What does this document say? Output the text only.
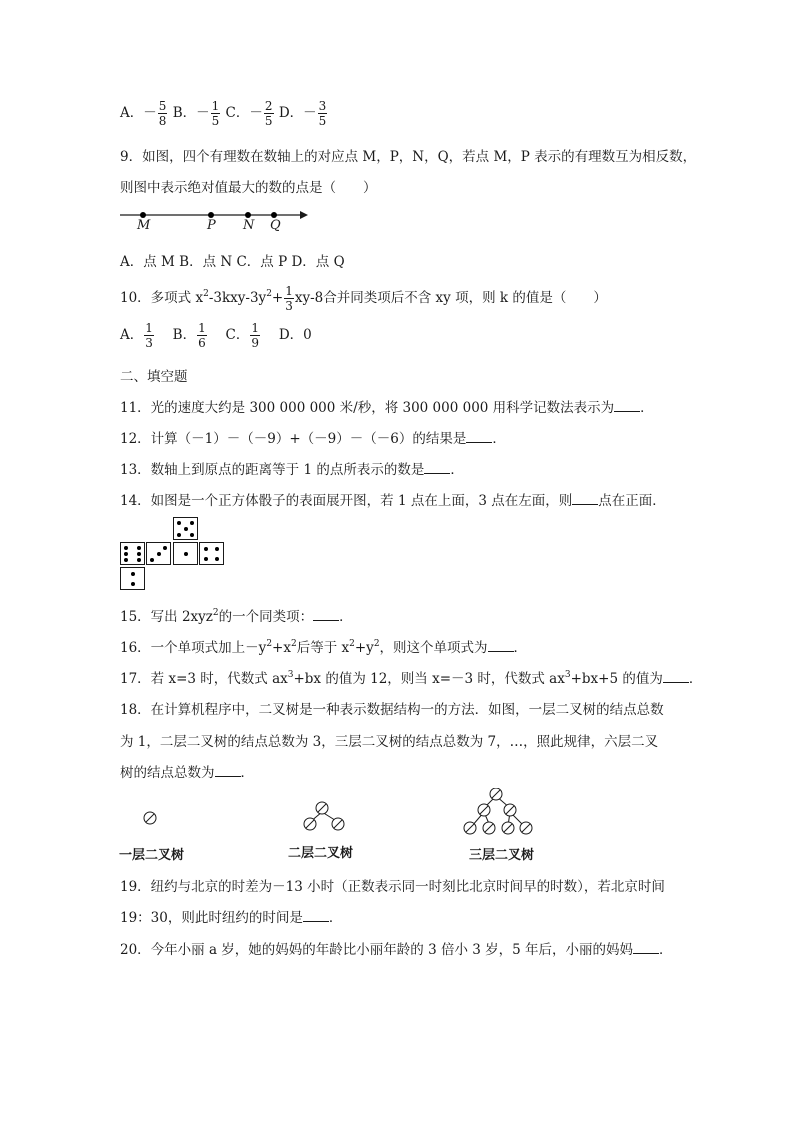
A．－ $\frac{5}{8}$ B．－ $\frac{1}{5}$ C．－ $\frac{2}{5}$ D．－ $\frac{3}{5}$
9．如图，四个有理数在数轴上的对应点 M，P，N，Q，若点 M，P 表示的有理数互为相反数，
则图中表示绝对值最大的数的点是（　　）
M	P N Q
A．点 M B．点 N C．点 P D．点 Q
10．多项式 $x^2-3kxy-3y^2+ \frac{1}{3} xy-8$合并同类项后不含 xy 项，则 k 的值是（　　）
A． $\frac{1}{3}$ 　B． $\frac{1}{6}$ 　C． $\frac{1}{9}$ 　D．0
二、填空题
11．光的速度大约是 300 000 000 米/秒，将 300 000 000 用科学记数法表示为 ．
12．计算（－1）－（－9）+（－9）－（－6）的结果是 ．
13．数轴上到原点的距离等于 1 的点所表示的数是 ．
14．如图是一个正方体骰子的表面展开图，若 1 点在上面，3 点在左面，则 点在正面．
15．写出 2xyz$^2$的一个同类项： ．
16．一个单项式加上$-y^2+x^2$后等于 $x^2+y^2$，则这个单项式为 ．
17．若 x=3 时，代数式 $ax^3+bx$ 的值为 12，则当 x=－3 时，代数式 $ax^3+bx+5$ 的值为 ．
18．在计算机程序中，二叉树是一种表示数据结构一的方法．如图，一层二叉树的结点总数
为 1，二层二叉树的结点总数为 3，三层二叉树的结点总数为 7，…，照此规律，六层二叉
树的结点总数为 ．
一层二叉树	二层二叉树	三层二叉树
19．纽约与北京的时差为－13 小时（正数表示同一时刻比北京时间早的时数），若北京时间
19：30，则此时纽约的时间是 ．
20．今年小丽 a 岁，她的妈妈的年龄比小丽年龄的 3 倍小 3 岁，5 年后，小丽的妈妈 ．
